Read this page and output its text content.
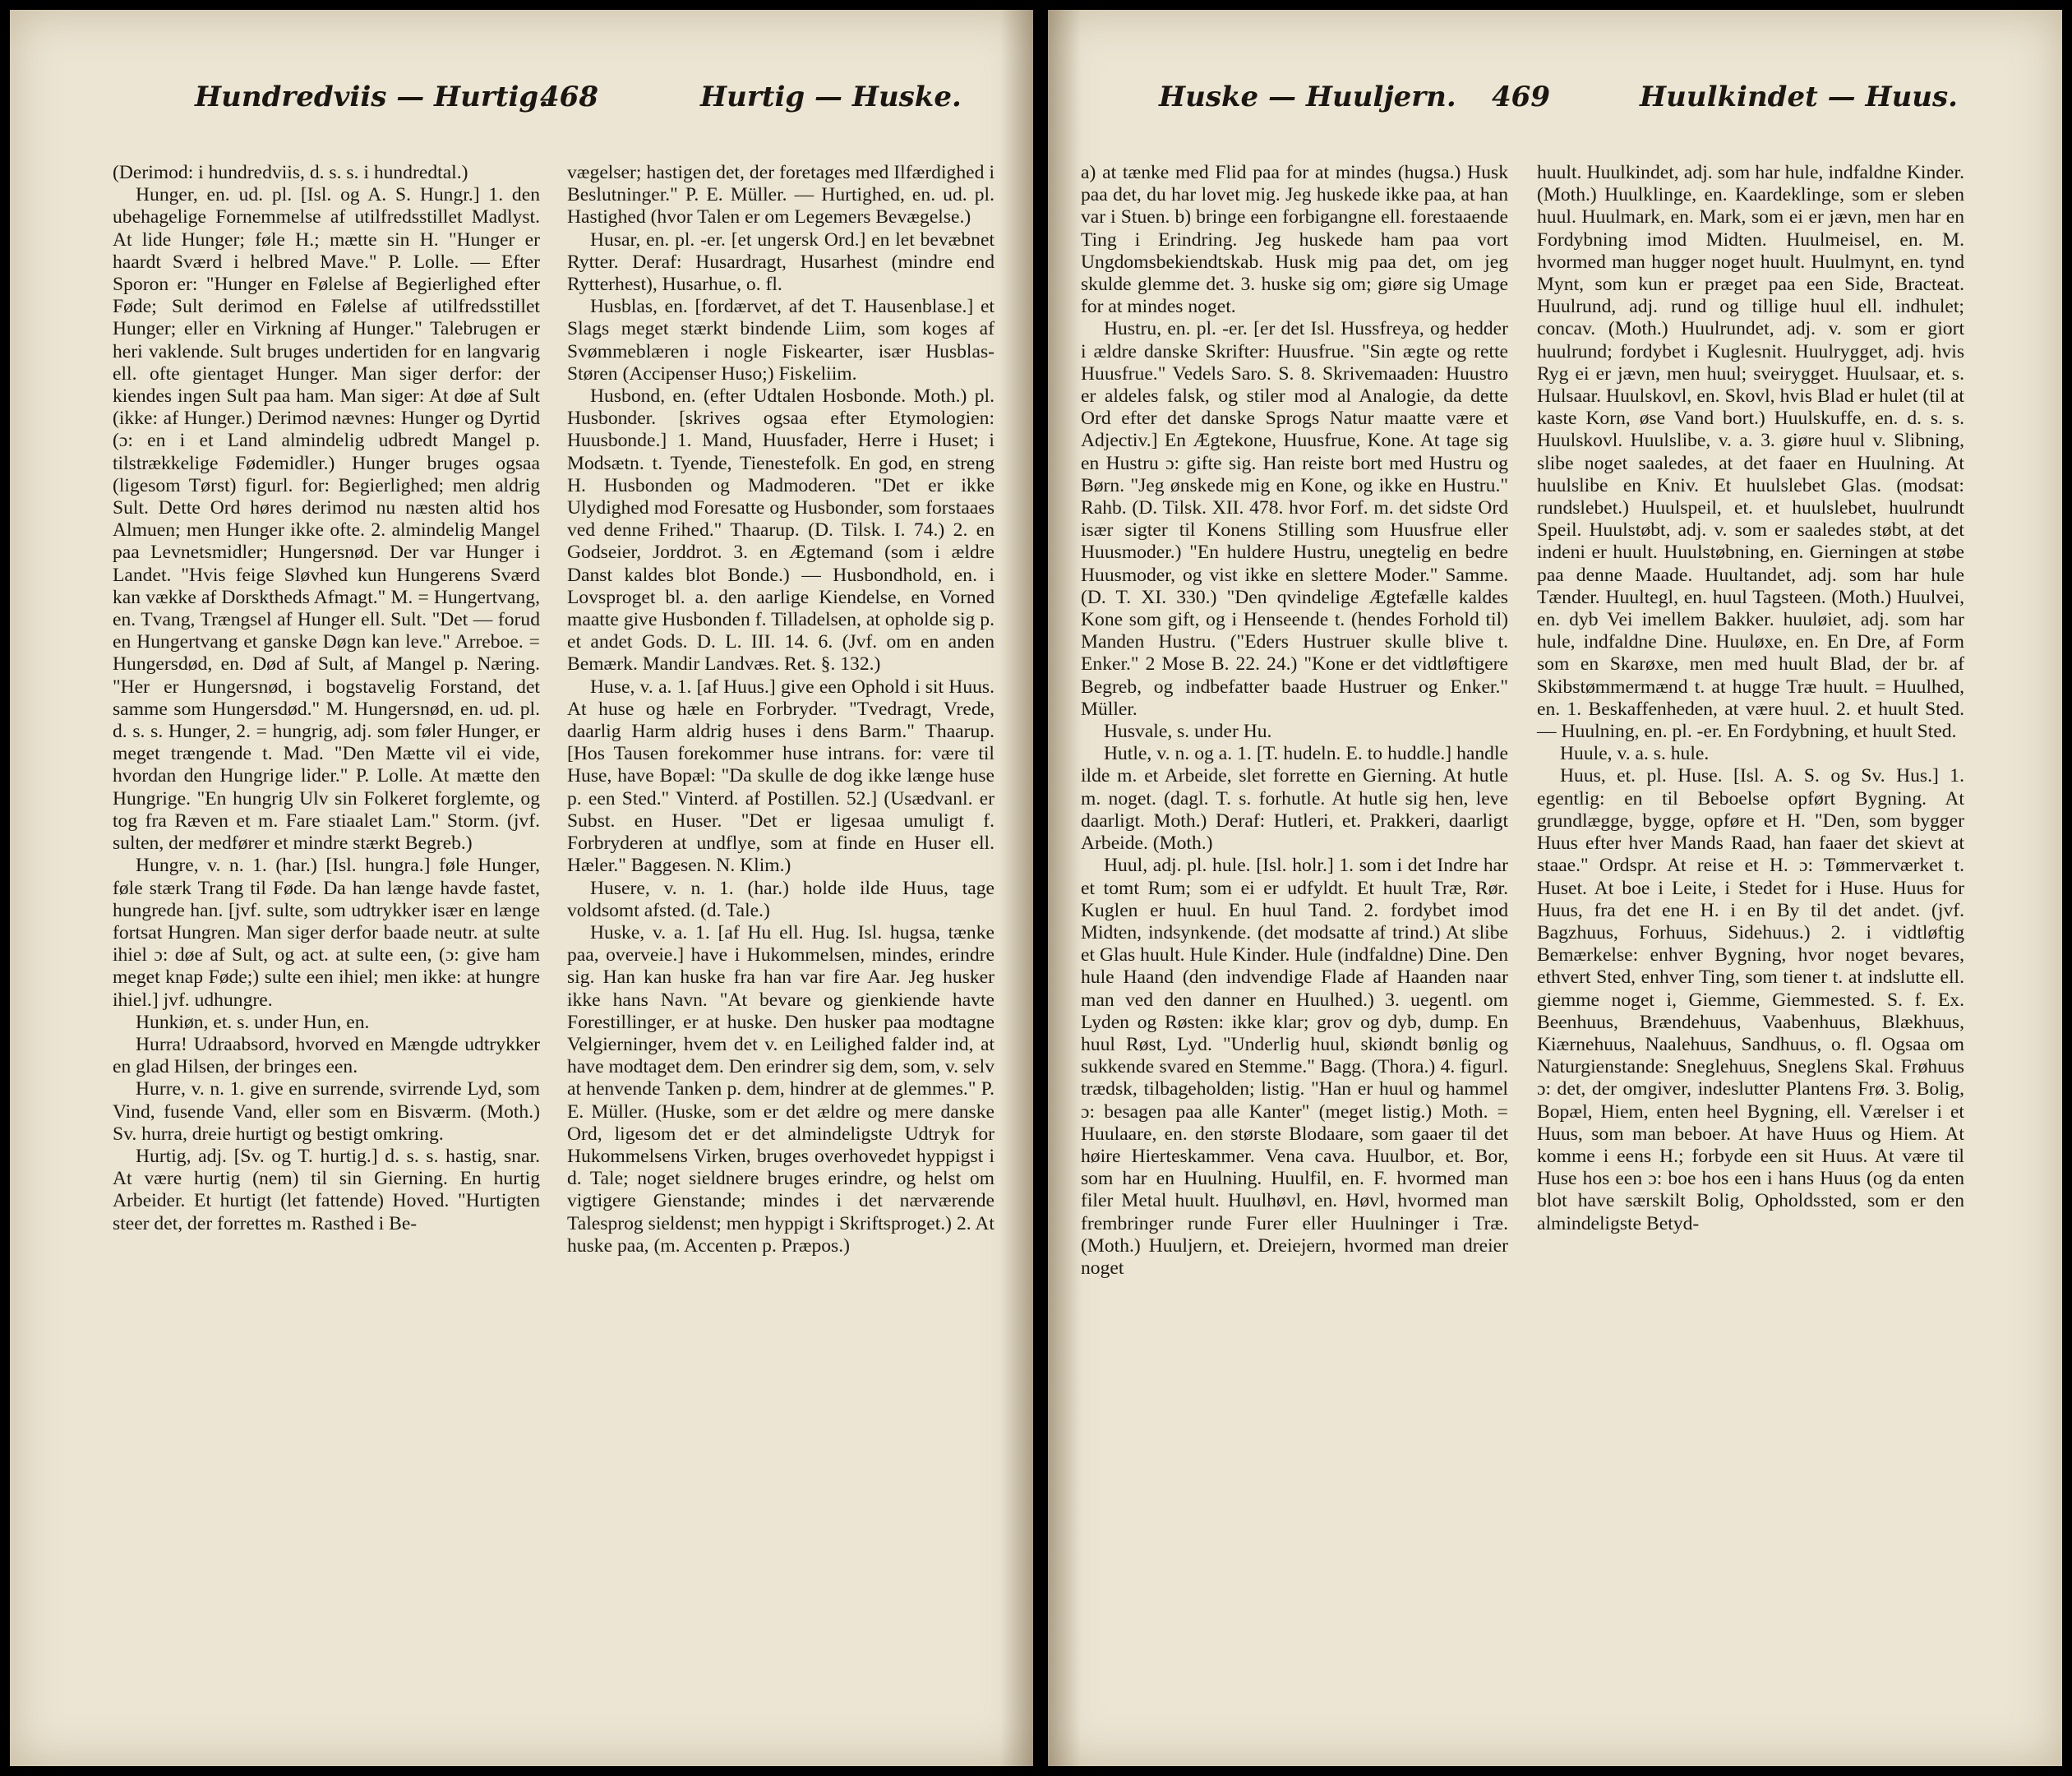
Hundredviis — Hurtig.
468	Hurtig — Huske.

(Derimod: i hundredviis, d. s. s. i hundredtal.)

Hunger, en. ud. pl. [Isl. og A. S. Hungr.] 1. den ubehagelige Fornemmelse af utilfredsstillet Madlyst. At lide Hunger; føle H.; mætte sin H. "Hunger er haardt Sværd i helbred Mave." P. Lolle. — Efter Sporon er: "Hunger en Følelse af Begierlighed efter Føde; Sult derimod en Følelse af utilfredsstillet Hunger; eller en Virkning af Hunger." Talebrugen er heri vaklende. Sult bruges undertiden for en langvarig ell. ofte gientaget Hunger. Man siger derfor: der kiendes ingen Sult paa ham. Man siger: At døe af Sult (ikke: af Hunger.) Derimod nævnes: Hunger og Dyrtid (ɔ: en i et Land almindelig udbredt Mangel p. tilstrækkelige Fødemidler.) Hunger bruges ogsaa (ligesom Tørst) figurl. for: Begierlighed; men aldrig Sult. Dette Ord høres derimod nu næsten altid hos Almuen; men Hunger ikke ofte. 2. almindelig Mangel paa Levnetsmidler; Hungersnød. Der var Hunger i Landet. "Hvis feige Sløvhed kun Hungerens Sværd kan vække af Dorsktheds Afmagt." M. = Hungertvang, en. Tvang, Trængsel af Hunger ell. Sult. "Det — forud en Hungertvang et ganske Døgn kan leve." Arreboe. = Hungersdød, en. Død af Sult, af Mangel p. Næring. "Her er Hungersnød, i bogstavelig Forstand, det samme som Hungersdød." M. Hungersnød, en. ud. pl. d. s. s. Hunger, 2. = hungrig, adj. som føler Hunger, er meget trængende t. Mad. "Den Mætte vil ei vide, hvordan den Hungrige lider." P. Lolle. At mætte den Hungrige. "En hungrig Ulv sin Folkeret forglemte, og tog fra Ræven et m. Fare stiaalet Lam." Storm. (jvf. sulten, der medfører et mindre stærkt Begreb.)

Hungre, v. n. 1. (har.) [Isl. hungra.] føle Hunger, føle stærk Trang til Føde. Da han længe havde fastet, hungrede han. [jvf. sulte, som udtrykker især en længe fortsat Hungren. Man siger derfor baade neutr. at sulte ihiel ɔ: døe af Sult, og act. at sulte een, (ɔ: give ham meget knap Føde;) sulte een ihiel; men ikke: at hungre ihiel.] jvf. udhungre.

Hunkiøn, et. s. under Hun, en.

Hurra! Udraabsord, hvorved en Mængde udtrykker en glad Hilsen, der bringes een.

Hurre, v. n. 1. give en surrende, svirrende Lyd, som Vind, fusende Vand, eller som en Bisværm. (Moth.) Sv. hurra, dreie hurtigt og bestigt omkring.

Hurtig, adj. [Sv. og T. hurtig.] d. s. s. hastig, snar. At være hurtig (nem) til sin Gierning. En hurtig Arbeider. Et hurtigt (let fattende) Hoved. "Hurtigten steer det, der forrettes m. Rasthed i Be-

vægelser; hastigen det, der foretages med Ilfærdighed i Beslutninger." P. E. Müller. — Hurtighed, en. ud. pl. Hastighed (hvor Talen er om Legemers Bevægelse.)

Husar, en. pl. -er. [et ungersk Ord.] en let bevæbnet Rytter. Deraf: Husardragt, Husarhest (mindre end Rytterhest), Husarhue, o. fl.

Husblas, en. [fordærvet, af det T. Hausenblase.] et Slags meget stærkt bindende Liim, som koges af Svømmeblæren i nogle Fiskearter, især Husblas-Støren (Accipenser Huso;) Fiskeliim.

Husbond, en. (efter Udtalen Hosbonde. Moth.) pl. Husbonder. [skrives ogsaa efter Etymologien: Huusbonde.] 1. Mand, Huusfader, Herre i Huset; i Modsætn. t. Tyende, Tienestefolk. En god, en streng H. Husbonden og Madmoderen. "Det er ikke Ulydighed mod Foresatte og Husbonder, som forstaaes ved denne Frihed." Thaarup. (D. Tilsk. I. 74.) 2. en Godseier, Jorddrot. 3. en Ægtemand (som i ældre Danst kaldes blot Bonde.) — Husbondhold, en. i Lovsproget bl. a. den aarlige Kiendelse, en Vorned maatte give Husbonden f. Tilladelsen, at opholde sig p. et andet Gods. D. L. III. 14. 6. (Jvf. om en anden Bemærk. Mandir Landvæs. Ret. §. 132.)

Huse, v. a. 1. [af Huus.] give een Ophold i sit Huus. At huse og hæle en Forbryder. "Tvedragt, Vrede, daarlig Harm aldrig huses i dens Barm." Thaarup. [Hos Tausen forekommer huse intrans. for: være til Huse, have Bopæl: "Da skulle de dog ikke længe huse p. een Sted." Vinterd. af Postillen. 52.] (Usædvanl. er Subst. en Huser. "Det er ligesaa umuligt f. Forbryderen at undflye, som at finde en Huser ell. Hæler." Baggesen. N. Klim.)

Husere, v. n. 1. (har.) holde ilde Huus, tage voldsomt afsted. (d. Tale.)

Huske, v. a. 1. [af Hu ell. Hug. Isl. hugsa, tænke paa, overveie.] have i Hukommelsen, mindes, erindre sig. Han kan huske fra han var fire Aar. Jeg husker ikke hans Navn. "At bevare og gienkiende havte Forestillinger, er at huske. Den husker paa modtagne Velgierninger, hvem det v. en Leilighed falder ind, at have modtaget dem. Den erindrer sig dem, som, v. selv at henvende Tanken p. dem, hindrer at de glemmes." P. E. Müller. (Huske, som er det ældre og mere danske Ord, ligesom det er det almindeligste Udtryk for Hukommelsens Virken, bruges overhovedet hyppigst i d. Tale; noget sieldnere bruges erindre, og helst om vigtigere Gienstande; mindes i det nærværende Talesprog sieldenst; men hyppigt i Skriftsproget.) 2. At huske paa, (m. Accenten p. Præpos.)

Huske — Huuljern. 469	Huulkindet — Huus.

a) at tænke med Flid paa for at mindes (hugsa.) Husk paa det, du har lovet mig. Jeg huskede ikke paa, at han var i Stuen. b) bringe een forbigangne ell. forestaaende Ting i Erindring. Jeg huskede ham paa vort Ungdomsbekiendtskab. Husk mig paa det, om jeg skulde glemme det. 3. huske sig om; giøre sig Umage for at mindes noget.

Hustru, en. pl. -er. [er det Isl. Hussfreya, og hedder i ældre danske Skrifter: Huusfrue. "Sin ægte og rette Huusfrue." Vedels Saro. S. 8. Skrivemaaden: Huustro er aldeles falsk, og stiler mod al Analogie, da dette Ord efter det danske Sprogs Natur maatte være et Adjectiv.] En Ægtekone, Huusfrue, Kone. At tage sig en Hustru ɔ: gifte sig. Han reiste bort med Hustru og Børn. "Jeg ønskede mig en Kone, og ikke en Hustru." Rahb. (D. Tilsk. XII. 478. hvor Forf. m. det sidste Ord især sigter til Konens Stilling som Huusfrue eller Huusmoder.) "En huldere Hustru, unegtelig en bedre Huusmoder, og vist ikke en slettere Moder." Samme. (D. T. XI. 330.) "Den qvindelige Ægtefælle kaldes Kone som gift, og i Henseende t. (hendes Forhold til) Manden Hustru. ("Eders Hustruer skulle blive t. Enker." 2 Mose B. 22. 24.) "Kone er det vidtløftigere Begreb, og indbefatter baade Hustruer og Enker." Müller.

Husvale, s. under Hu.

Hutle, v. n. og a. 1. [T. hudeln. E. to huddle.] handle ilde m. et Arbeide, slet forrette en Gierning. At hutle m. noget. (dagl. T. s. forhutle. At hutle sig hen, leve daarligt. Moth.) Deraf: Hutleri, et. Prakkeri, daarligt Arbeide. (Moth.)

Huul, adj. pl. hule. [Isl. holr.] 1. som i det Indre har et tomt Rum; som ei er udfyldt. Et huult Træ, Rør. Kuglen er huul. En huul Tand. 2. fordybet imod Midten, indsynkende. (det modsatte af trind.) At slibe et Glas huult. Hule Kinder. Hule (indfaldne) Dine. Den hule Haand (den indvendige Flade af Haanden naar man ved den danner en Huulhed.) 3. uegentl. om Lyden og Røsten: ikke klar; grov og dyb, dump. En huul Røst, Lyd. "Underlig huul, skiøndt bønlig og sukkende svared en Stemme." Bagg. (Thora.) 4. figurl. trædsk, tilbageholden; listig. "Han er huul og hammel ɔ: besagen paa alle Kanter" (meget listig.) Moth. = Huulaare, en. den største Blodaare, som gaaer til det høire Hierteskammer. Vena cava. Huulbor, et. Bor, som har en Huulning. Huulfil, en. F. hvormed man filer Metal huult. Huulhøvl, en. Høvl, hvormed man frembringer runde Furer eller Huulninger i Træ. (Moth.) Huuljern, et. Dreiejern, hvormed man dreier noget

huult. Huulkindet, adj. som har hule, indfaldne Kinder. (Moth.) Huulklinge, en. Kaardeklinge, som er sleben huul. Huulmark, en. Mark, som ei er jævn, men har en Fordybning imod Midten. Huulmeisel, en. M. hvormed man hugger noget huult. Huulmynt, en. tynd Mynt, som kun er præget paa een Side, Bracteat. Huulrund, adj. rund og tillige huul ell. indhulet; concav. (Moth.) Huulrundet, adj. v. som er giort huulrund; fordybet i Kuglesnit. Huulrygget, adj. hvis Ryg ei er jævn, men huul; sveirygget. Huulsaar, et. s. Hulsaar. Huulskovl, en. Skovl, hvis Blad er hulet (til at kaste Korn, øse Vand bort.) Huulskuffe, en. d. s. s. Huulskovl. Huulslibe, v. a. 3. giøre huul v. Slibning, slibe noget saaledes, at det faaer en Huulning. At huulslibe en Kniv. Et huulslebet Glas. (modsat: rundslebet.) Huulspeil, et. et huulslebet, huulrundt Speil. Huulstøbt, adj. v. som er saaledes støbt, at det indeni er huult. Huulstøbning, en. Gierningen at støbe paa denne Maade. Huultandet, adj. som har hule Tænder. Huultegl, en. huul Tagsteen. (Moth.) Huulvei, en. dyb Vei imellem Bakker. huuløiet, adj. som har hule, indfaldne Dine. Huuløxe, en. En Dre, af Form som en Skarøxe, men med huult Blad, der br. af Skibstømmermænd t. at hugge Træ huult. = Huulhed, en. 1. Beskaffenheden, at være huul. 2. et huult Sted. — Huulning, en. pl. -er. En Fordybning, et huult Sted.

Huule, v. a. s. hule.

Huus, et. pl. Huse. [Isl. A. S. og Sv. Hus.] 1. egentlig: en til Beboelse opført Bygning. At grundlægge, bygge, opføre et H. "Den, som bygger Huus efter hver Mands Raad, han faaer det skievt at staae." Ordspr. At reise et H. ɔ: Tømmerværket t. Huset. At boe i Leite, i Stedet for i Huse. Huus for Huus, fra det ene H. i en By til det andet. (jvf. Bagzhuus, Forhuus, Sidehuus.) 2. i vidtløftig Bemærkelse: enhver Bygning, hvor noget bevares, ethvert Sted, enhver Ting, som tiener t. at indslutte ell. giemme noget i, Giemme, Giemmested. S. f. Ex. Beenhuus, Brændehuus, Vaabenhuus, Blækhuus, Kiærnehuus, Naalehuus, Sandhuus, o. fl. Ogsaa om Naturgienstande: Sneglehuus, Sneglens Skal. Frøhuus ɔ: det, der omgiver, indeslutter Plantens Frø. 3. Bolig, Bopæl, Hiem, enten heel Bygning, ell. Værelser i et Huus, som man beboer. At have Huus og Hiem. At komme i eens H.; forbyde een sit Huus. At være til Huse hos een ɔ: boe hos een i hans Huus (og da enten blot have særskilt Bolig, Opholdssted, som er den almindeligste Betyd-
